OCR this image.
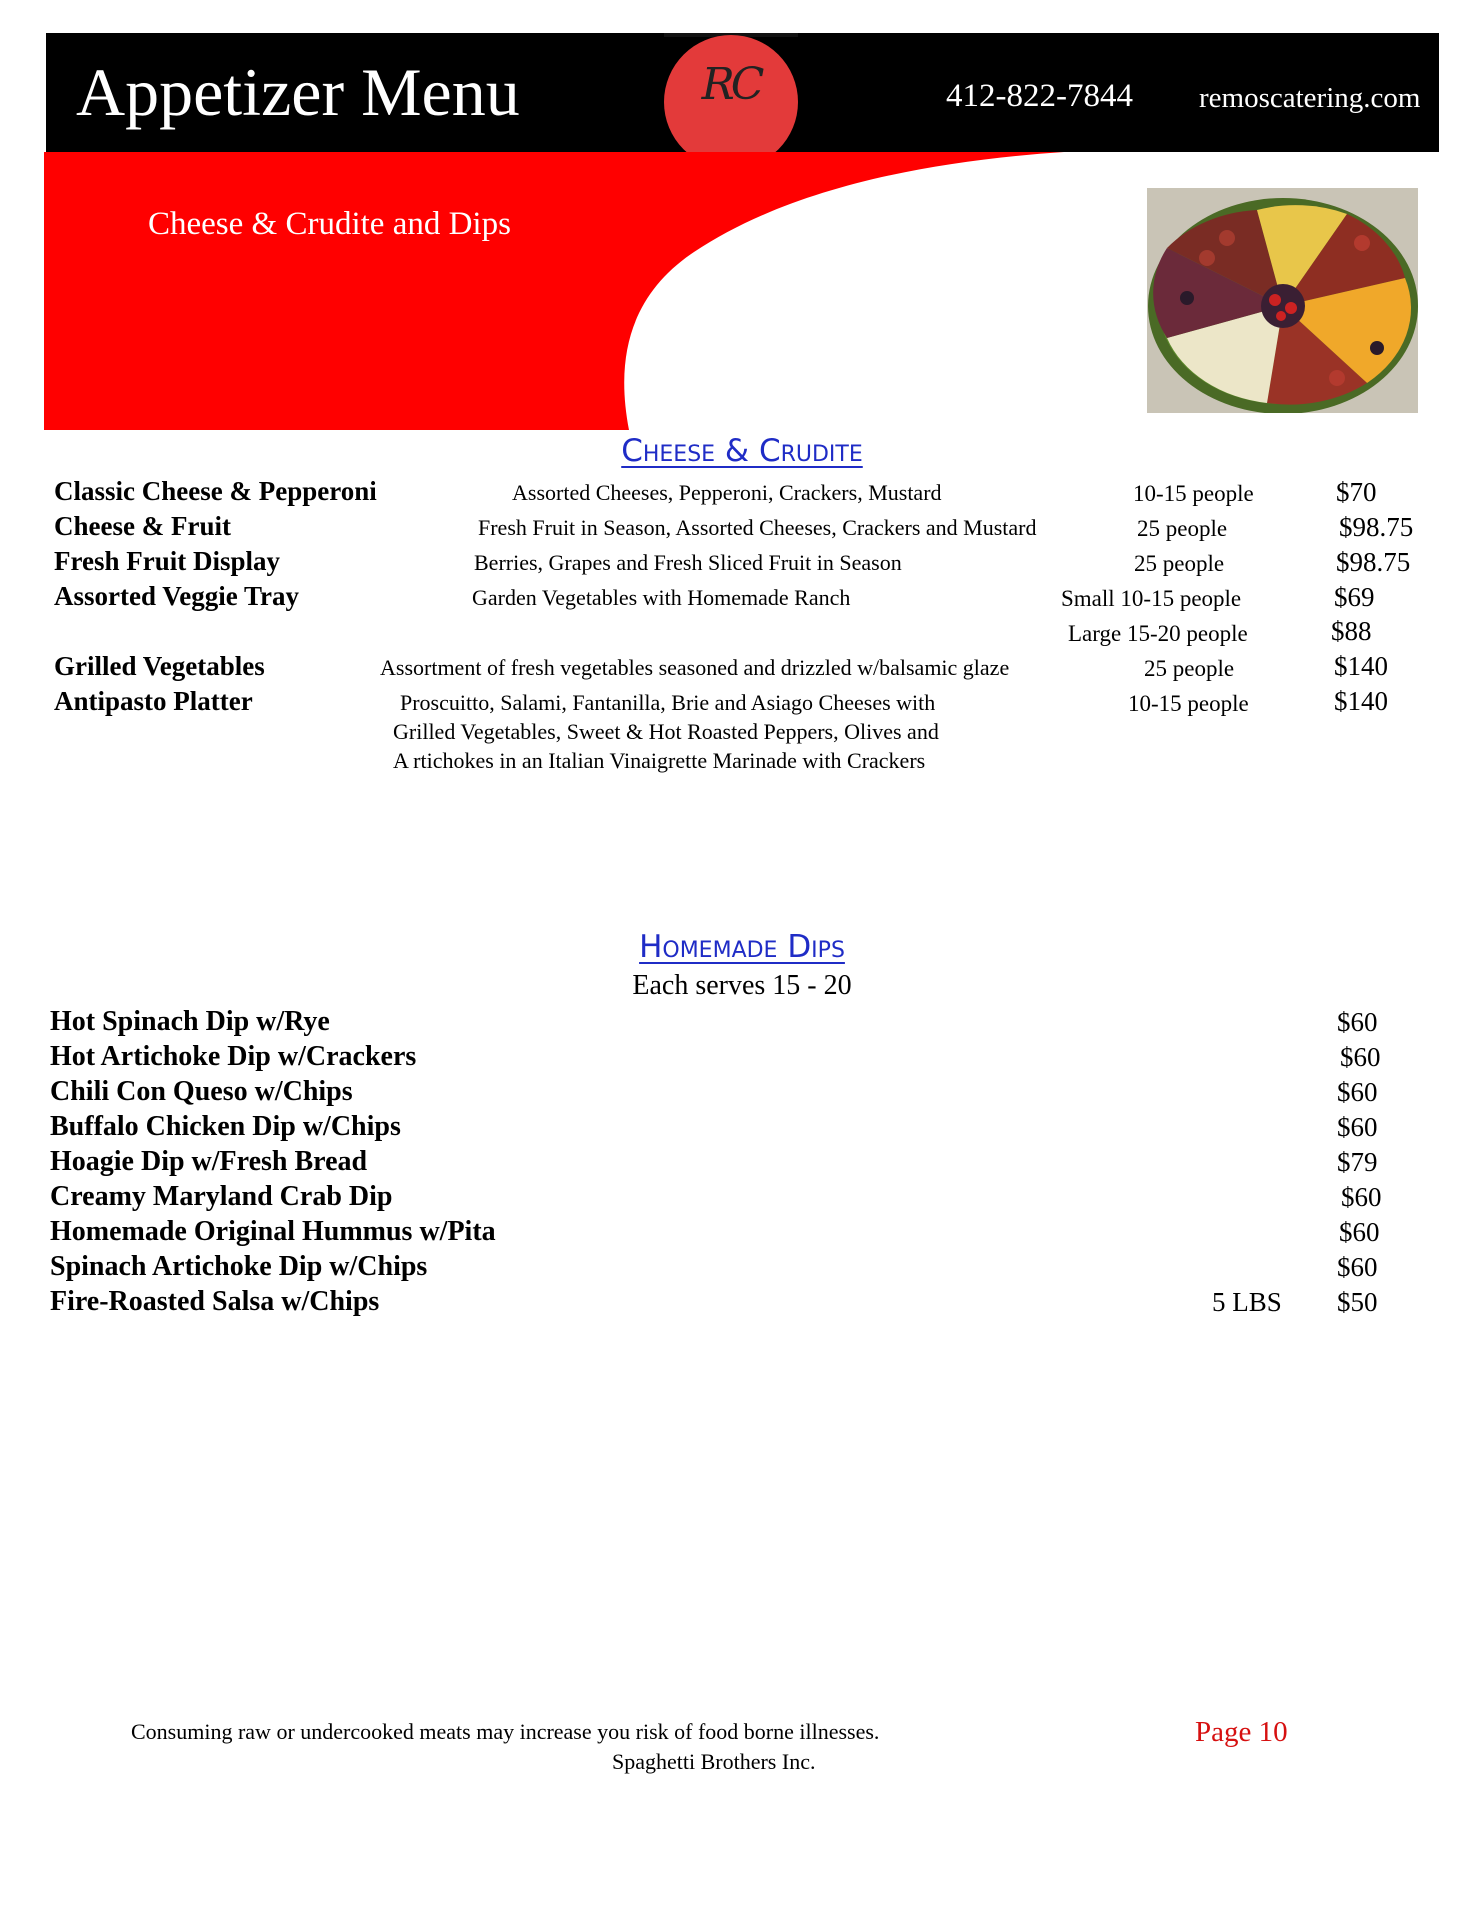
Appetizer Menu	RC	412-822-7844 remoscatering.com
Cheese & Crudite and Dips
Cheese & Crudite
Classic Cheese & Pepperoni	Assorted Cheeses, Pepperoni, Crackers, Mustard	10-15 people	$70
Cheese & Fruit	Fresh Fruit in Season, Assorted Cheeses, Crackers and Mustard	25 people	$98.75
Fresh Fruit Display	Berries, Grapes and Fresh Sliced Fruit in Season	25 people	$98.75
Assorted Veggie Tray	Garden Vegetables with Homemade Ranch	Small 10-15 people	$69
Large 15-20 people	$88
Grilled Vegetables	Assortment of fresh vegetables seasoned and drizzled w/balsamic glaze	25 people	$140
Antipasto Platter	Proscuitto, Salami, Fantanilla, Brie and Asiago Cheeses with	10-15 people	$140
Grilled Vegetables, Sweet & Hot Roasted Peppers, Olives and
A rtichokes in an Italian Vinaigrette Marinade with Crackers
Homemade Dips
Each serves 15 - 20
Hot Spinach Dip w/Rye	$60
Hot Artichoke Dip w/Crackers	$60
Chili Con Queso w/Chips	$60
Buffalo Chicken Dip w/Chips	$60
Hoagie Dip w/Fresh Bread	$79
Creamy Maryland Crab Dip	$60
Homemade Original Hummus w/Pita	$60
Spinach Artichoke Dip w/Chips	$60
Fire-Roasted Salsa w/Chips	5 LBS $50
Consuming raw or undercooked meats may increase you risk of food borne illnesses.
Spaghetti Brothers Inc.
Page 10
